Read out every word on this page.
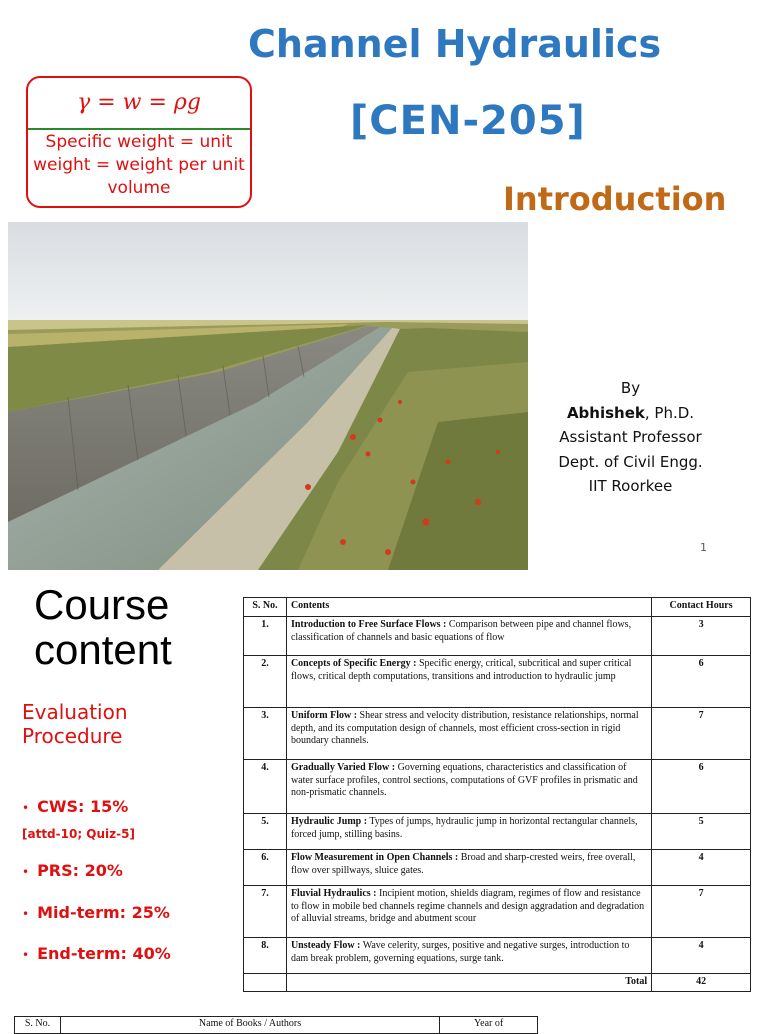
Channel Hydraulics
[CEN-205]
Introduction
γ = w = ρg
Specific weight = unit weight = weight per unit volume
By
Abhishek, Ph.D.
Assistant Professor
Dept. of Civil Engg.
IIT Roorkee
1
Course content
Evaluation Procedure
• CWS: 15%
[attd-10; Quiz-5]
• PRS: 20%
• Mid-term: 25%
• End-term: 40%
S. No.	Contents	Contact Hours
1.	Introduction to Free Surface Flows : Comparison between pipe and channel flows, classification of channels and basic equations of flow	3
2.	Concepts of Specific Energy : Specific energy, critical, subcritical and super critical flows, critical depth computations, transitions and introduction to hydraulic jump	6
3.	Uniform Flow : Shear stress and velocity distribution, resistance relationships, normal depth, and its computation design of channels, most efficient cross-section in rigid boundary channels.	7
4.	Gradually Varied Flow : Governing equations, characteristics and classification of water surface profiles, control sections, computations of GVF profiles in prismatic and non-prismatic channels.	6
5.	Hydraulic Jump : Types of jumps, hydraulic jump in horizontal rectangular channels, forced jump, stilling basins.	5
6.	Flow Measurement in Open Channels : Broad and sharp-crested weirs, free overall, flow over spillways, sluice gates.	4
7.	Fluvial Hydraulics : Incipient motion, shields diagram, regimes of flow and resistance to flow in mobile bed channels regime channels and design aggradation and degradation of alluvial streams, bridge and abutment scour	7
8.	Unsteady Flow : Wave celerity, surges, positive and negative surges, introduction to dam break problem, governing equations, surge tank.	4
	Total	42
S. No.	Name of Books / Authors	Year of
